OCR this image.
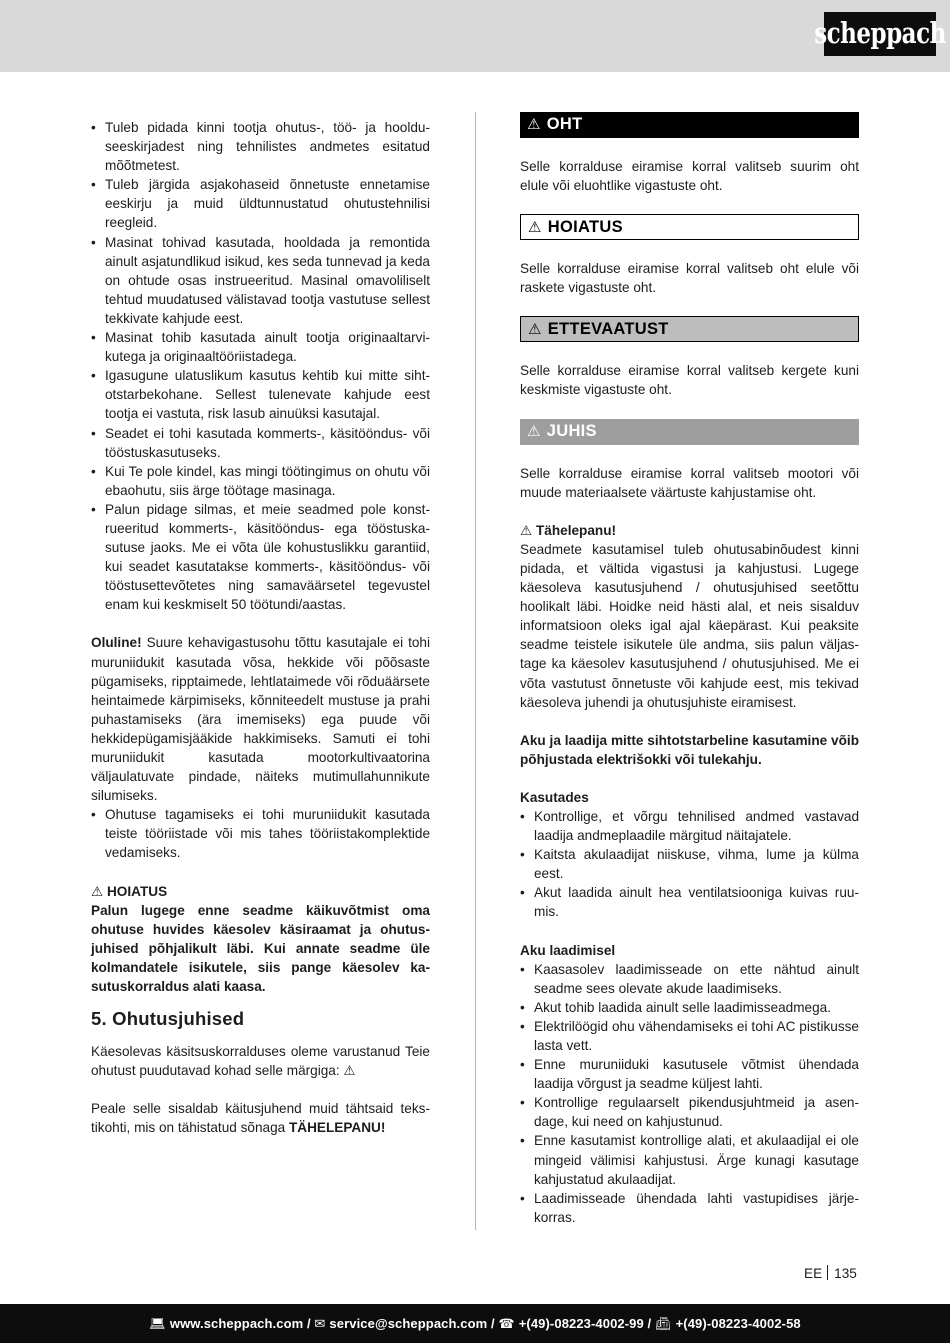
scheppach
• Tuleb pidada kinni tootja ohutus-, töö- ja hoolduseeskirjadest ning tehnilistes andmetes esitatud mõõtmetest.
• Tuleb järgida asjakohaseid õnnetuste ennetamise eeskirju ja muid üldtunnustatud ohutustehnilisi reegleid.
• Masinat tohivad kasutada, hooldada ja remontida ainult asjatundlikud isikud, kes seda tunnevad ja keda on ohtude osas instrueeritud. Masinal omavoliliselt tehtud muudatused välistavad tootja vastutuse sellest tekkivate kahjude eest.
• Masinat tohib kasutada ainult tootja originaaltarvikutega ja originaaltööriistadega.
• Igasugune ulatuslikum kasutus kehtib kui mitte sihtotstarbekohane. Sellest tulenevate kahjude eest tootja ei vastuta, risk lasub ainuüksi kasutajal.
• Seadet ei tohi kasutada kommerts-, käsitööndus- või tööstuskasutuseks.
• Kui Te pole kindel, kas mingi töötingimus on ohutu või ebaohutu, siis ärge töötage masinaga.
• Palun pidage silmas, et meie seadmed pole konstrueeritud kommerts-, käsitööndus- ega tööstuskasutuse jaoks. Me ei võta üle kohustuslikku garantiid, kui seadet kasutatakse kommerts-, käsitööndus- või tööstusettevõtetes ning samaväärsetel tegevustel enam kui keskmiselt 50 töötundi/aastas.

Oluline! Suure kehavigastusohu tõttu kasutajale ei tohi muruniidukit kasutada võsa, hekkide või põõsaste pügamiseks, ripptaimede, lehtlataimede või rõduäärsete heintaimede kärpimiseks, kõnniteedelt mustuse ja prahi puhastamiseks (ära imemiseks) ega puude või hekkidepügamisjääkide hakkimiseks. Samuti ei tohi muruniidukit kasutada mootorkultivaatorina väljaulatuvate pindade, näiteks mutimullahunnikute silumiseks.

• Ohutuse tagamiseks ei tohi muruniidukit kasutada teiste tööriistade või mis tahes tööriistakomplektide vedamiseks.
⚠ HOIATUS

Palun lugege enne seadme käikuvõtmist oma ohutuse huvides käesolev käsiraamat ja ohutusjuhised põhjalikult läbi. Kui annate seadme üle kolmandatele isikutele, siis pange käesolev kasutuskorraldus alati kaasa.

5. Ohutusjuhised

Käesolevas käsitsuskorralduses oleme varustanud Teie ohutust puudutavad kohad selle märgiga: ⚠

Peale selle sisaldab käitusjuhend muid tähtsaid tekstikohti, mis on tähistatud sõnaga TÄHELEPANU!

⚠ OHT

Selle korralduse eiramise korral valitseb suurim oht elule või eluohtlike vigastuste oht.

⚠ HOIATUS

Selle korralduse eiramise korral valitseb oht elule või raskete vigastuste oht.

⚠ ETTEVAATUST

Selle korralduse eiramise korral valitseb kergete kuni keskmiste vigastuste oht.

⚠ JUHIS

Selle korralduse eiramise korral valitseb mootori või muude materiaalsete väärtuste kahjustamise oht.

⚠ Tähelepanu!

Seadmete kasutamisel tuleb ohutusabinõudest kinni pidada, et vältida vigastusi ja kahjustusi. Lugege käesoleva kasutusjuhend / ohutusjuhised seetõttu hoolikalt läbi. Hoidke neid hästi alal, et neis sisalduv informatsioon oleks igal ajal käepärast. Kui peaksite seadme teistele isikutele üle andma, siis palun väljastage ka käesolev kasutusjuhend / ohutusjuhised. Me ei võta vastutust õnnetuste või kahjude eest, mis tekivad käesoleva juhendi ja ohutusjuhiste eiramisest.

Aku ja laadija mitte sihtotstarbeline kasutamine võib põhjustada elektrišokki või tulekahju.

Kasutades
• Kontrollige, et võrgu tehnilised andmed vastavad laadija andmeplaadile märgitud näitajatele.
• Kaitsta akulaadijat niiskuse, vihma, lume ja külma eest.
• Akut laadida ainult hea ventilatsiooniga kuivas ruumis.
Aku laadimisel
• Kaasasolev laadimisseade on ette nähtud ainult seadme sees olevate akude laadimiseks.
• Akut tohib laadida ainult selle laadimisseadmega.
• Elektrilöögid ohu vähendamiseks ei tohi AC pistikusse lasta vett.
• Enne muruniiduki kasutusele võtmist ühendada laadija võrgust ja seadme küljest lahti.
• Kontrollige regulaarselt pikendusjuhtmeid ja asendage, kui need on kahjustunud.
• Enne kasutamist kontrollige alati, et akulaadijal ei ole mingeid välimisi kahjustusi. Ärge kunagi kasutage kahjustatud akulaadijat.
• Laadimisseade ühendada lahti vastupidises järjekorras.
EE 135
💻︎ www.scheppach.com /
✉︎ service@scheppach.com /
☎︎ +(49)-08223-4002-99 /
📠︎ +(49)-08223-4002-58
